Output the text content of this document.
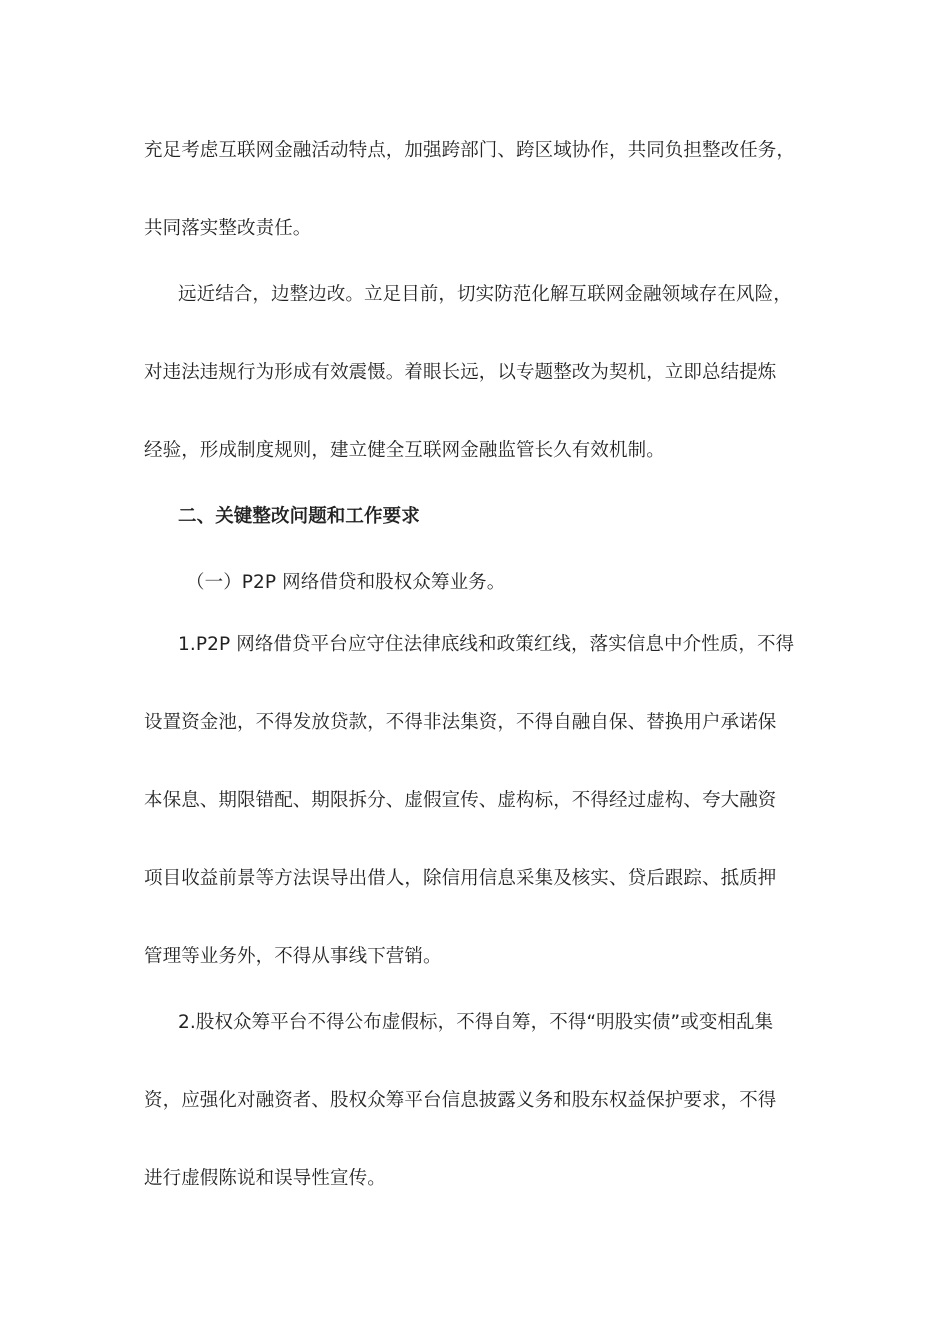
充足考虑互联网金融活动特点，加强跨部门、跨区域协作，共同负担整改任务，
共同落实整改责任。
远近结合，边整边改。立足目前，切实防范化解互联网金融领域存在风险，
对违法违规行为形成有效震慑。着眼长远，以专题整改为契机，立即总结提炼
经验，形成制度规则，建立健全互联网金融监管长久有效机制。
二、关键整改问题和工作要求
（一）P2P 网络借贷和股权众筹业务。
1.P2P 网络借贷平台应守住法律底线和政策红线，落实信息中介性质，不得
设置资金池，不得发放贷款，不得非法集资，不得自融自保、替换用户承诺保
本保息、期限错配、期限拆分、虚假宣传、虚构标，不得经过虚构、夸大融资
项目收益前景等方法误导出借人，除信用信息采集及核实、贷后跟踪、抵质押
管理等业务外，不得从事线下营销。
2.股权众筹平台不得公布虚假标，不得自筹，不得“明股实债”或变相乱集
资，应强化对融资者、股权众筹平台信息披露义务和股东权益保护要求，不得
进行虚假陈说和误导性宣传。
